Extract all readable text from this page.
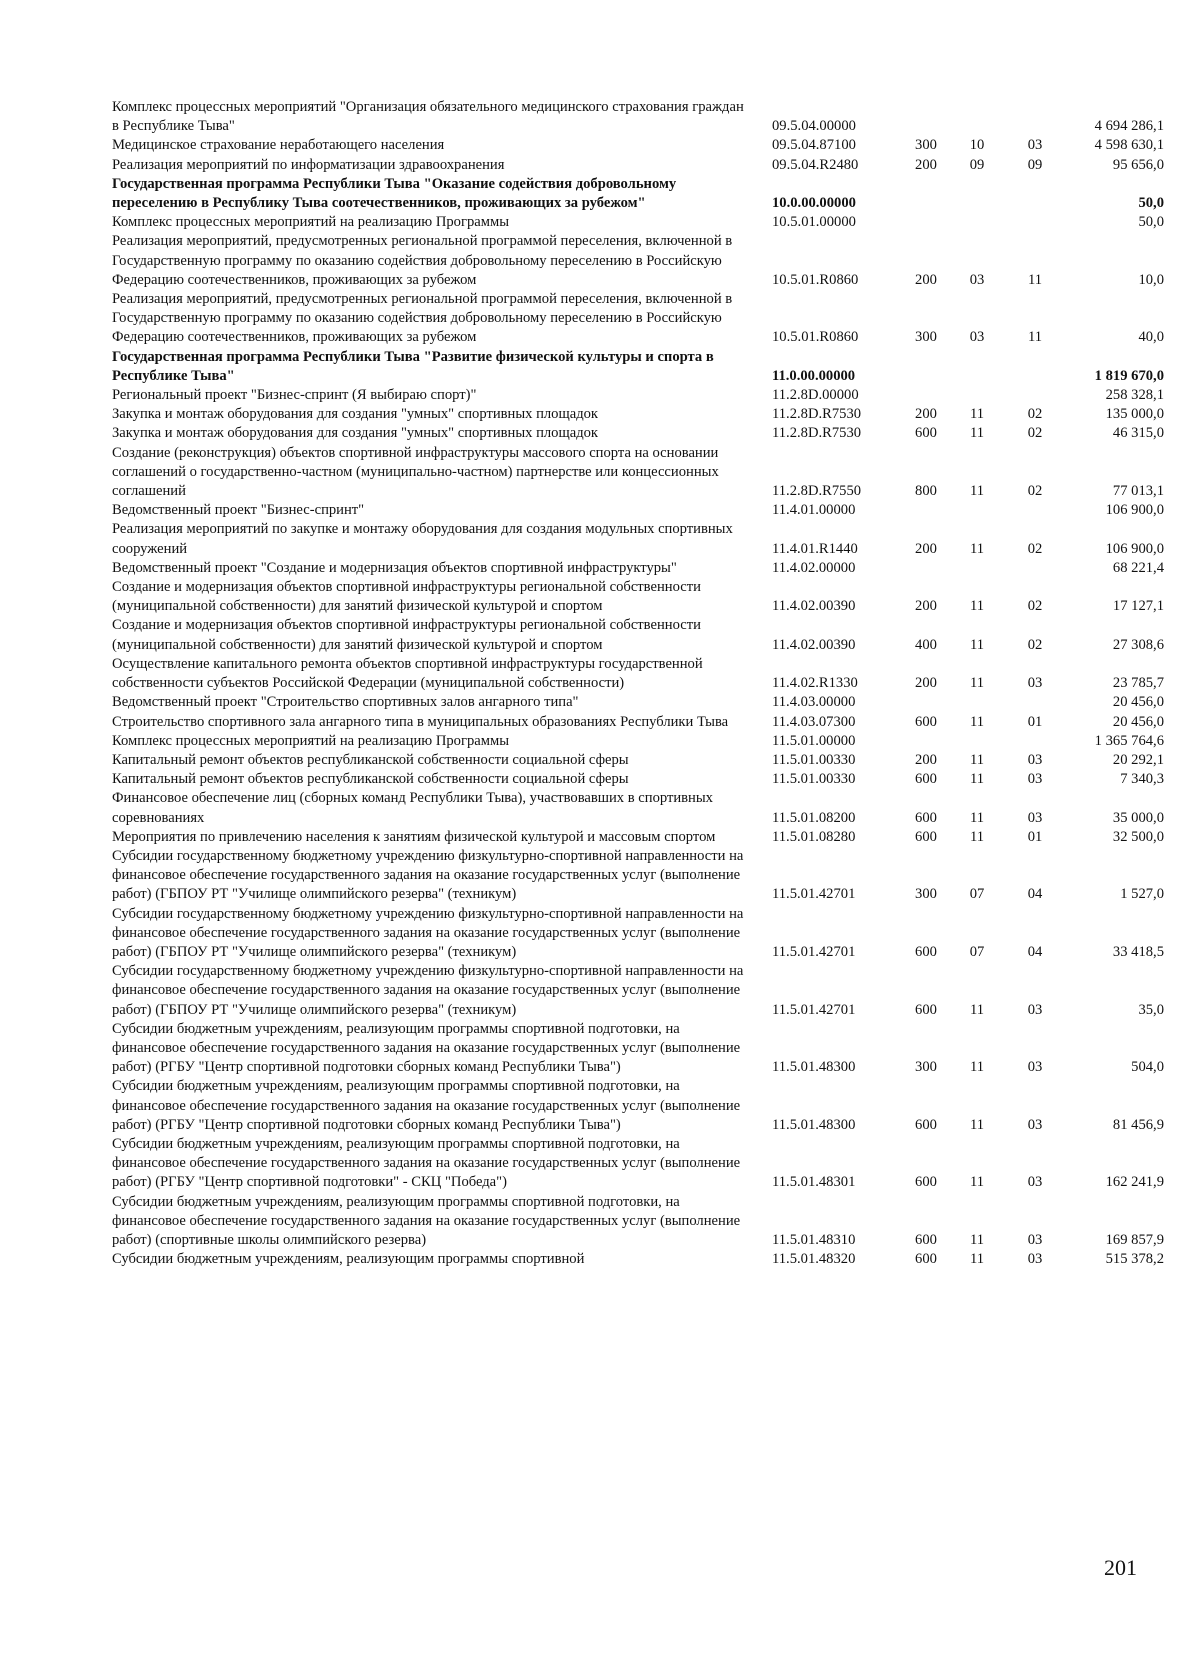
Комплекс процессных мероприятий "Организация обязательного медицинского страхования граждан в Республике Тыва"	09.5.04.00000				4 694 286,1
Медицинское страхование неработающего населения	09.5.04.87100	300	10	03	4 598 630,1
Реализация мероприятий по информатизации здравоохранения	09.5.04.R2480	200	09	09	95 656,0
Государственная программа Республики Тыва "Оказание содействия добровольному переселению в Республику Тыва соотечественников, проживающих за рубежом"	10.0.00.00000				50,0
Комплекс процессных мероприятий на реализацию Программы	10.5.01.00000				50,0
Реализация мероприятий, предусмотренных региональной программой переселения, включенной в Государственную программу по оказанию содействия добровольному переселению в Российскую Федерацию соотечественников, проживающих за рубежом	10.5.01.R0860	200	03	11	10,0
Реализация мероприятий, предусмотренных региональной программой переселения, включенной в Государственную программу по оказанию содействия добровольному переселению в Российскую Федерацию соотечественников, проживающих за рубежом	10.5.01.R0860	300	03	11	40,0
Государственная программа Республики Тыва "Развитие физической культуры и спорта в Республике Тыва"	11.0.00.00000				1 819 670,0
Региональный проект "Бизнес-спринт (Я выбираю спорт)"	11.2.8D.00000				258 328,1
Закупка и монтаж оборудования для создания "умных" спортивных площадок	11.2.8D.R7530	200	11	02	135 000,0
Закупка и монтаж оборудования для создания "умных" спортивных площадок	11.2.8D.R7530	600	11	02	46 315,0
Создание (реконструкция) объектов спортивной инфраструктуры массового спорта на основании соглашений о государственно-частном (муниципально-частном) партнерстве или концессионных соглашений	11.2.8D.R7550	800	11	02	77 013,1
Ведомственный проект "Бизнес-спринт"	11.4.01.00000				106 900,0
Реализация мероприятий по закупке и монтажу оборудования для создания модульных спортивных сооружений	11.4.01.R1440	200	11	02	106 900,0
Ведомственный проект "Создание и модернизация объектов спортивной инфраструктуры"	11.4.02.00000				68 221,4
Создание и модернизация объектов спортивной инфраструктуры региональной собственности (муниципальной собственности) для занятий физической культурой и спортом	11.4.02.00390	200	11	02	17 127,1
Создание и модернизация объектов спортивной инфраструктуры региональной собственности (муниципальной собственности) для занятий физической культурой и спортом	11.4.02.00390	400	11	02	27 308,6
Осуществление капитального ремонта объектов спортивной инфраструктуры государственной собственности субъектов Российской Федерации (муниципальной собственности)	11.4.02.R1330	200	11	03	23 785,7
Ведомственный проект "Строительство спортивных залов ангарного типа"	11.4.03.00000				20 456,0
Строительство спортивного зала ангарного типа в муниципальных образованиях Республики Тыва	11.4.03.07300	600	11	01	20 456,0
Комплекс процессных мероприятий на реализацию Программы	11.5.01.00000				1 365 764,6
Капитальный ремонт объектов республиканской собственности социальной сферы	11.5.01.00330	200	11	03	20 292,1
Капитальный ремонт объектов республиканской собственности социальной сферы	11.5.01.00330	600	11	03	7 340,3
Финансовое обеспечение лиц (сборных команд Республики Тыва), участвовавших в спортивных соревнованиях	11.5.01.08200	600	11	03	35 000,0
Мероприятия по привлечению населения к занятиям физической культурой и массовым спортом	11.5.01.08280	600	11	01	32 500,0
Субсидии государственному бюджетному учреждению физкультурно-спортивной направленности на финансовое обеспечение государственного задания на оказание государственных услуг (выполнение работ) (ГБПОУ РТ "Училище олимпийского резерва" (техникум)	11.5.01.42701	300	07	04	1 527,0
Субсидии государственному бюджетному учреждению физкультурно-спортивной направленности на финансовое обеспечение государственного задания на оказание государственных услуг (выполнение работ) (ГБПОУ РТ "Училище олимпийского резерва" (техникум)	11.5.01.42701	600	07	04	33 418,5
Субсидии государственному бюджетному учреждению физкультурно-спортивной направленности на финансовое обеспечение государственного задания на оказание государственных услуг (выполнение работ) (ГБПОУ РТ "Училище олимпийского резерва" (техникум)	11.5.01.42701	600	11	03	35,0
Субсидии бюджетным учреждениям, реализующим программы спортивной подготовки, на финансовое обеспечение государственного задания на оказание государственных услуг (выполнение работ) (РГБУ "Центр спортивной подготовки сборных команд Республики Тыва")	11.5.01.48300	300	11	03	504,0
Субсидии бюджетным учреждениям, реализующим программы спортивной подготовки, на финансовое обеспечение государственного задания на оказание государственных услуг (выполнение работ) (РГБУ "Центр спортивной подготовки сборных команд Республики Тыва")	11.5.01.48300	600	11	03	81 456,9
Субсидии бюджетным учреждениям, реализующим программы спортивной подготовки, на финансовое обеспечение государственного задания на оказание государственных услуг (выполнение работ) (РГБУ "Центр спортивной подготовки" - СКЦ "Победа")	11.5.01.48301	600	11	03	162 241,9
Субсидии бюджетным учреждениям, реализующим программы спортивной подготовки, на финансовое обеспечение государственного задания на оказание государственных услуг (выполнение работ) (спортивные школы олимпийского резерва)	11.5.01.48310	600	11	03	169 857,9
Субсидии бюджетным учреждениям, реализующим программы спортивной	11.5.01.48320	600	11	03	515 378,2
201
